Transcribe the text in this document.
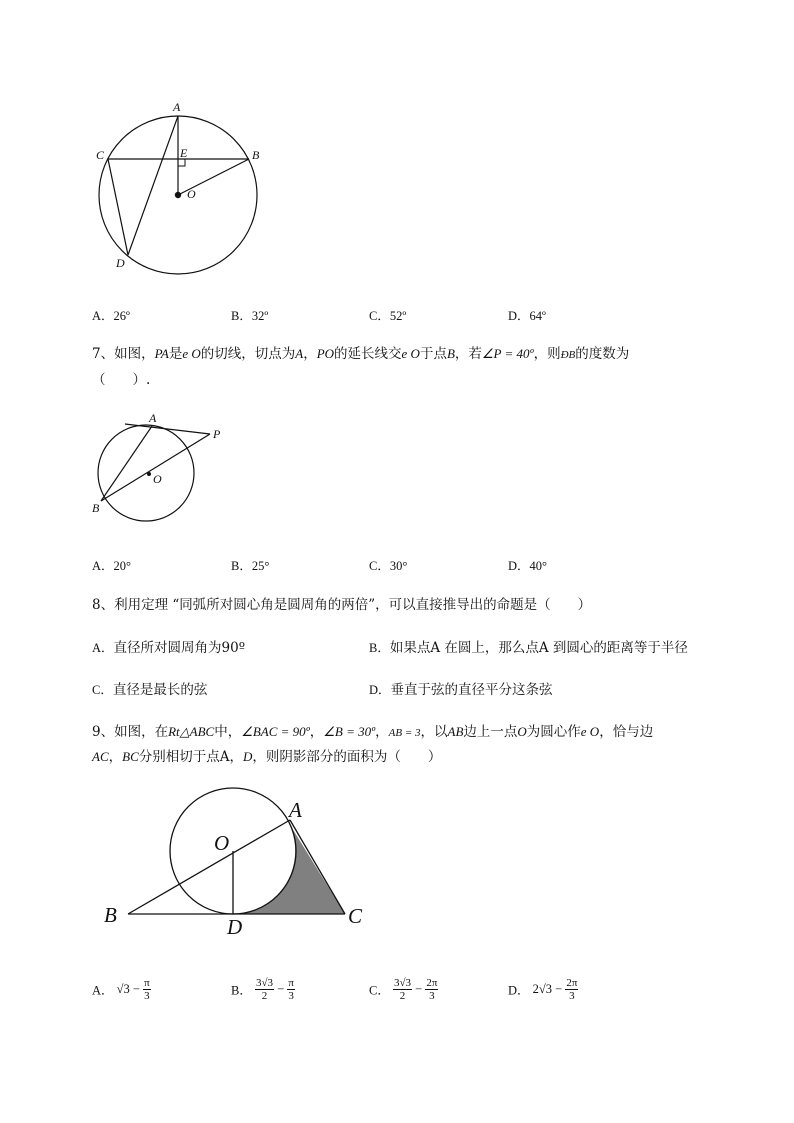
A
C	B
E
O
D
A．26º	B．32º	C．52º	D．64º
7、如图，PA是e O的切线，切点为A，PO的延长线交e O于点B，若∠P = 40º，则ÐB的度数为
（　　）.
A
P
O
B
A．20°	B．25°	C．30°	D．40°
8、利用定理 “同弧所对圆心角是圆周角的两倍”，可以直接推导出的命题是（　　）
A．直径所对圆周角为90º	B．如果点A 在圆上，那么点A 到圆心的距离等于半径
C．直径是最长的弦	D．垂直于弦的直径平分这条弦
9、如图，在Rt△ABC中，∠BAC = 90º，∠B = 30º，AB = 3，以AB边上一点O为圆心作e O，恰与边
AC，BC分别相切于点A，D，则阴影部分的面积为（　　）
A
O
B	D	C
A． $√3 - \frac{\pi}{3}$	B． $\frac{3√3}{2} - \frac{\pi}{3}$	C． $\frac{3√3}{2} - \frac{2\pi}{3}$	D． $2√3 - \frac{2\pi}{3}$
